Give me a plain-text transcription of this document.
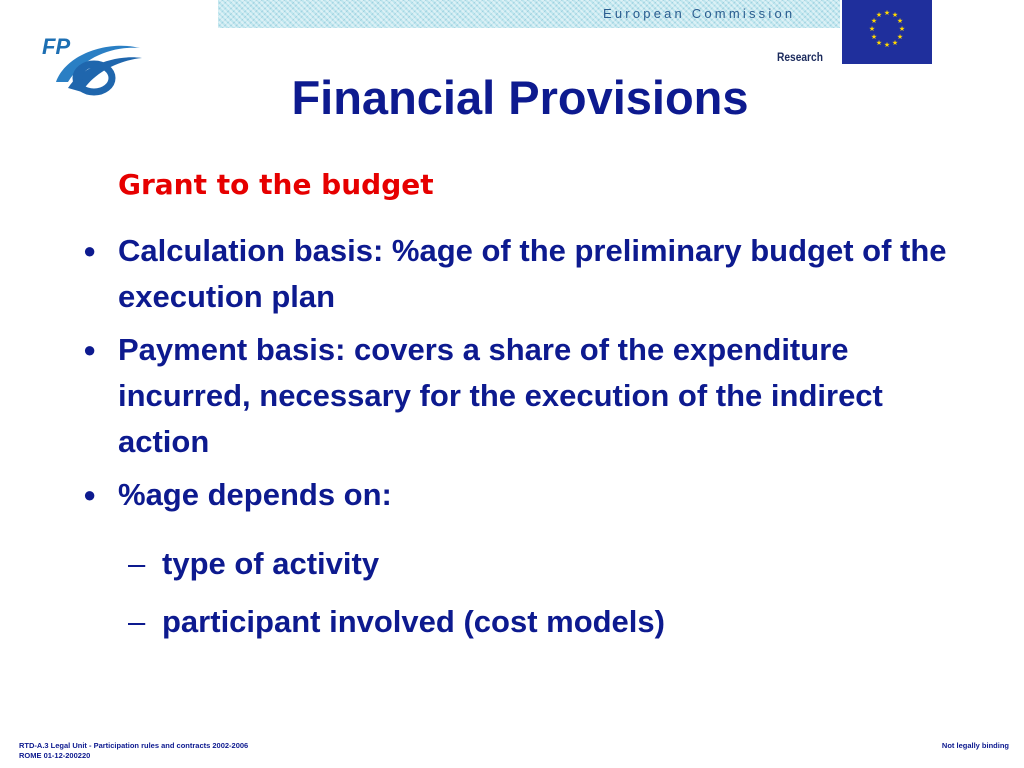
European Commission	★ ★
★
★
★
★
★
★
★
★
★
★
Research
FP
Financial Provisions
Grant to the budget
● Calculation basis: %age of the preliminary budget of the execution plan
● Payment basis: covers a share of the expenditure incurred, necessary for the execution of the indirect action
● %age depends on:
– type of activity
– participant involved (cost models)
RTD-A.3 Legal Unit - Participation rules and contracts 2002-2006
ROME 01-12-200220
Not legally binding
